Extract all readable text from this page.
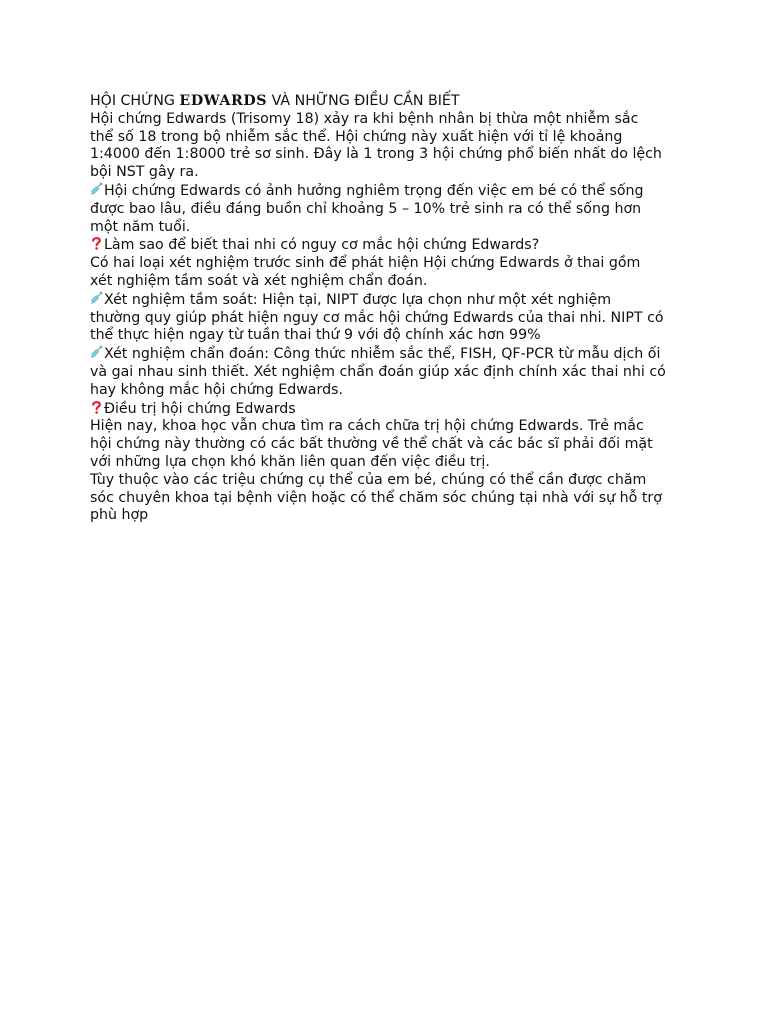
HỘI CHỨNG EDWARDS VÀ NHỮNG ĐIỀU CẦN BIẾT
Hội chứng Edwards (Trisomy 18) xảy ra khi bệnh nhân bị thừa một nhiễm sắc
thể số 18 trong bộ nhiễm sắc thể. Hội chứng này xuất hiện với tỉ lệ khoảng
1:4000 đến 1:8000 trẻ sơ sinh. Đây là 1 trong 3 hội chứng phổ biến nhất do lệch
bội NST gây ra.
Hội chứng Edwards có ảnh hưởng nghiêm trọng đến việc em bé có thể sống
được bao lâu, điều đáng buồn chỉ khoảng 5 – 10% trẻ sinh ra có thể sống hơn
một năm tuổi.
Làm sao để biết thai nhi có nguy cơ mắc hội chứng Edwards?
Có hai loại xét nghiệm trước sinh để phát hiện Hội chứng Edwards ở thai gồm
xét nghiệm tầm soát và xét nghiệm chẩn đoán.
Xét nghiệm tầm soát: Hiện tại, NIPT được lựa chọn như một xét nghiệm
thường quy giúp phát hiện nguy cơ mắc hội chứng Edwards của thai nhi. NIPT có
thể thực hiện ngay từ tuần thai thứ 9 với độ chính xác hơn 99%
Xét nghiệm chẩn đoán: Công thức nhiễm sắc thể, FISH, QF-PCR từ mẫu dịch ối
và gai nhau sinh thiết. Xét nghiệm chẩn đoán giúp xác định chính xác thai nhi có
hay không mắc hội chứng Edwards.
Điều trị hội chứng Edwards
Hiện nay, khoa học vẫn chưa tìm ra cách chữa trị hội chứng Edwards. Trẻ mắc
hội chứng này thường có các bất thường về thể chất và các bác sĩ phải đối mặt
với những lựa chọn khó khăn liên quan đến việc điều trị.
Tùy thuộc vào các triệu chứng cụ thể của em bé, chúng có thể cần được chăm
sóc chuyên khoa tại bệnh viện hoặc có thể chăm sóc chúng tại nhà với sự hỗ trợ
phù hợp
